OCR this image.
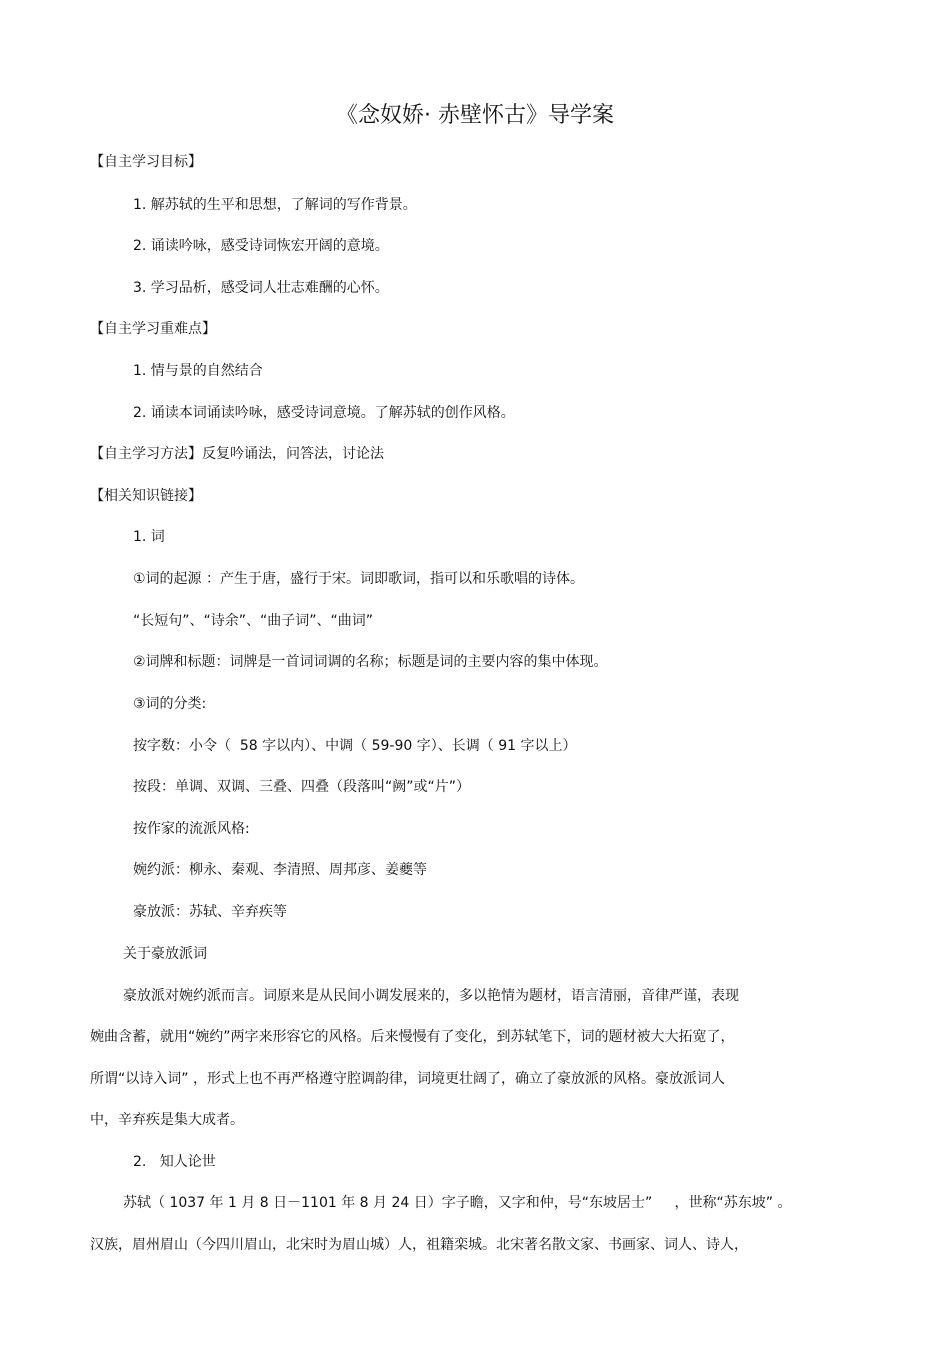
《念奴娇· 赤壁怀古》导学案
【自主学习目标】
1. 解苏轼的生平和思想，了解词的写作背景。
2. 诵读吟咏，感受诗词恢宏开阔的意境。
3. 学习品析，感受词人壮志难酬的心怀。
【自主学习重难点】
1. 情与景的自然结合
2. 诵读本词诵读吟咏，感受诗词意境。了解苏轼的创作风格。
【自主学习方法】反复吟诵法，问答法，讨论法
【相关知识链接】
1. 词
①词的起源 ：产生于唐，盛行于宋。词即歌词，指可以和乐歌唱的诗体。
“长短句”、“诗余”、“曲子词”、“曲词”
②词牌和标题：词牌是一首词词调的名称；标题是词的主要内容的集中体现。
③词的分类:
按字数：小令（  58 字以内）、中调（ 59-90 字）、长调（ 91 字以上）
按段：单调、双调、三叠、四叠（段落叫“阙”或“片”）
按作家的流派风格:
婉约派：柳永、秦观、李清照、周邦彦、姜夔等
豪放派：苏轼、辛弃疾等
关于豪放派词
豪放派对婉约派而言。词原来是从民间小调发展来的，多以艳情为题材，语言清丽，音律严谨，表现
婉曲含蓄，就用“婉约”两字来形容它的风格。后来慢慢有了变化，到苏轼笔下，词的题材被大大拓宽了，
所谓“以诗入词” ，形式上也不再严格遵守腔调韵律，词境更壮阔了，确立了豪放派的风格。豪放派词人
中，辛弃疾是集大成者。
2.   知人论世
苏轼（ 1037 年 1 月 8 日－1101 年 8 月 24 日）字子瞻，又字和仲，号“东坡居士”     ，世称“苏东坡” 。
汉族，眉州眉山（今四川眉山，北宋时为眉山城）人，祖籍栾城。北宋著名散文家、书画家、词人、诗人，
